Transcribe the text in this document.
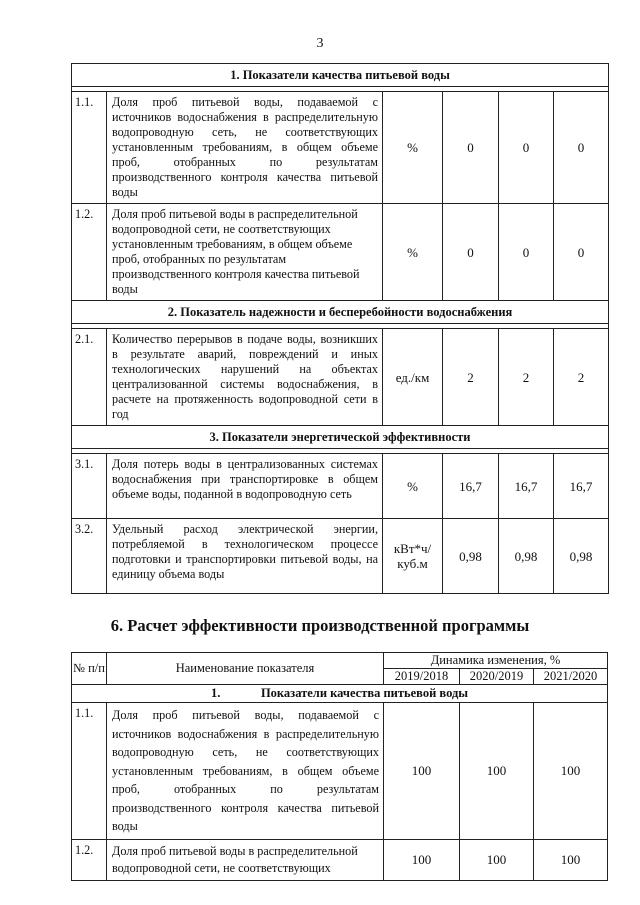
3
1. Показатели качества питьевой воды					

1.1.	Доля проб питьевой воды, подаваемой с источников водоснабжения в распределительную водопроводную сеть, не соответствующих установленным требованиям, в общем объеме проб, отобранных по результатам производственного контроля качества питьевой воды	%	0	0	0
1.2.	Доля проб питьевой воды в распределительной водопроводной сети, не соответствующих установленным требованиям, в общем объеме проб, отобранных по результатам производственного контроля качества питьевой воды	%	0	0	0
2. Показатель надежности и бесперебойности водоснабжения					

2.1.	Количество перерывов в подаче воды, возникших в результате аварий, повреждений и иных технологических нарушений на объектах централизованной системы водоснабжения, в расчете на протяженность водопроводной сети в год	ед./км	2	2	2
3. Показатели энергетической эффективности					

3.1.	Доля потерь воды в централизованных системах водоснабжения при транспортировке в общем объеме воды, поданной в водопроводную сеть	%	16,7	16,7	16,7
3.2.	Удельный расход электрической энергии, потребляемой в технологическом процессе подготовки и транспортировки питьевой воды, на единицу объема воды	кВт*ч/ куб.м	0,98	0,98	0,98
6. Расчет эффективности производственной программы
№ п/п	Наименование показателя	Динамика изменения, %		
		2019/2018	2020/2019	2021/2020
1. Показатели качества питьевой воды				
1.1.	Доля проб питьевой воды, подаваемой с источников водоснабжения в распределительную водопроводную сеть, не соответствующих установленным требованиям, в общем объеме проб, отобранных по результатам производственного контроля качества питьевой воды	100	100	100
1.2.	Доля проб питьевой воды в распределительной водопроводной сети, не соответствующих	100	100	100
